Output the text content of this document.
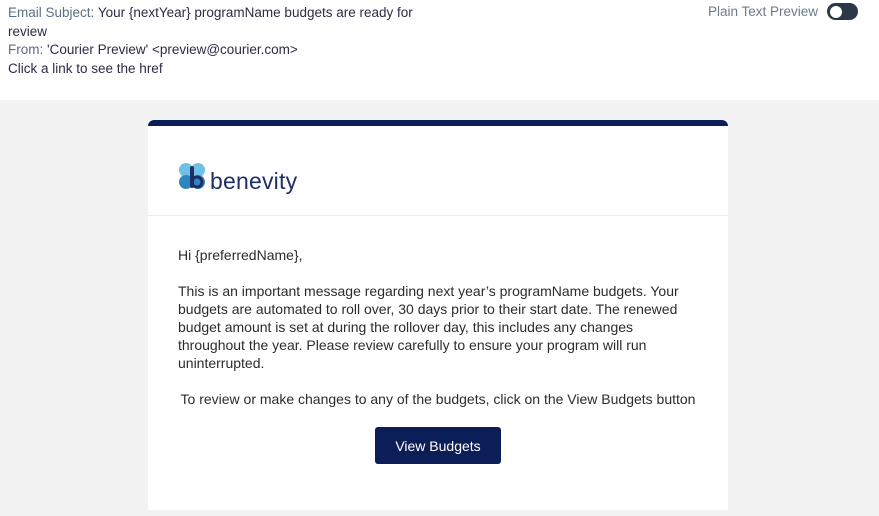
Email Subject: Your {nextYear} programName budgets are ready for review
From: 'Courier Preview' <preview@courier.com>
Click a link to see the href
Plain Text Preview
benevity

Hi {preferredName},

This is an important message regarding next year’s programName budgets. Your budgets are automated to roll over, 30 days prior to their start date. The renewed budget amount is set at during the rollover day, this includes any changes throughout the year. Please review carefully to ensure your program will run uninterrupted.

To review or make changes to any of the budgets, click on the View Budgets button

View Budgets
